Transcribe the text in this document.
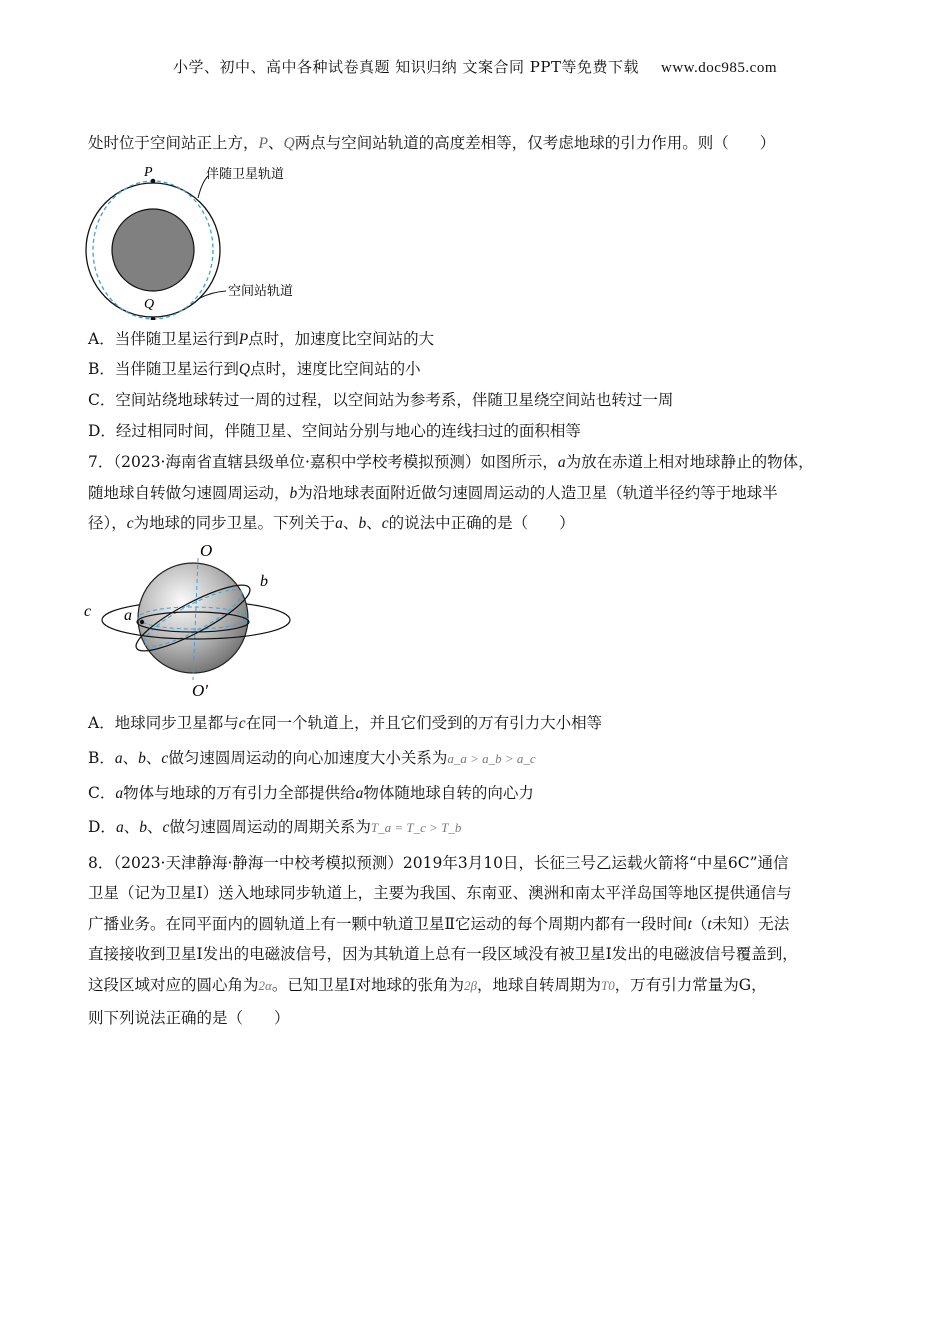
小学、初中、高中各种试卷真题 知识归纳 文案合同 PPT等免费下载 www.doc985.com
处时位于空间站正上方，P、Q两点与空间站轨道的高度差相等，仅考虑地球的引力作用。则（　　）
P
Q
伴随卫星轨道
空间站轨道
A．当伴随卫星运行到P点时，加速度比空间站的大
B．当伴随卫星运行到Q点时，速度比空间站的小
C．空间站绕地球转过一周的过程，以空间站为参考系，伴随卫星绕空间站也转过一周
D．经过相同时间，伴随卫星、空间站分别与地心的连线扫过的面积相等
7．（2023·海南省直辖县级单位·嘉积中学校考模拟预测）如图所示，a为放在赤道上相对地球静止的物体，
随地球自转做匀速圆周运动，b为沿地球表面附近做匀速圆周运动的人造卫星（轨道半径约等于地球半
径），c为地球的同步卫星。下列关于a、b、c的说法中正确的是（　　）
O
O′
a
b
c
A．地球同步卫星都与c在同一个轨道上，并且它们受到的万有引力大小相等
B．a、b、c做匀速圆周运动的向心加速度大小关系为a_a > a_b > a_c
C．a物体与地球的万有引力全部提供给a物体随地球自转的向心力
D．a、b、c做匀速圆周运动的周期关系为T_a = T_c > T_b
8．（2023·天津静海·静海一中校考模拟预测）2019年3月10日，长征三号乙运载火箭将“中星6C”通信
卫星（记为卫星Ⅰ）送入地球同步轨道上，主要为我国、东南亚、澳洲和南太平洋岛国等地区提供通信与
广播业务。在同平面内的圆轨道上有一颗中轨道卫星Ⅱ它运动的每个周期内都有一段时间t（t未知）无法
直接接收到卫星Ⅰ发出的电磁波信号，因为其轨道上总有一段区域没有被卫星Ⅰ发出的电磁波信号覆盖到，
这段区域对应的圆心角为2α。已知卫星Ⅰ对地球的张角为2β，地球自转周期为T0，万有引力常量为G，
则下列说法正确的是（　　）
